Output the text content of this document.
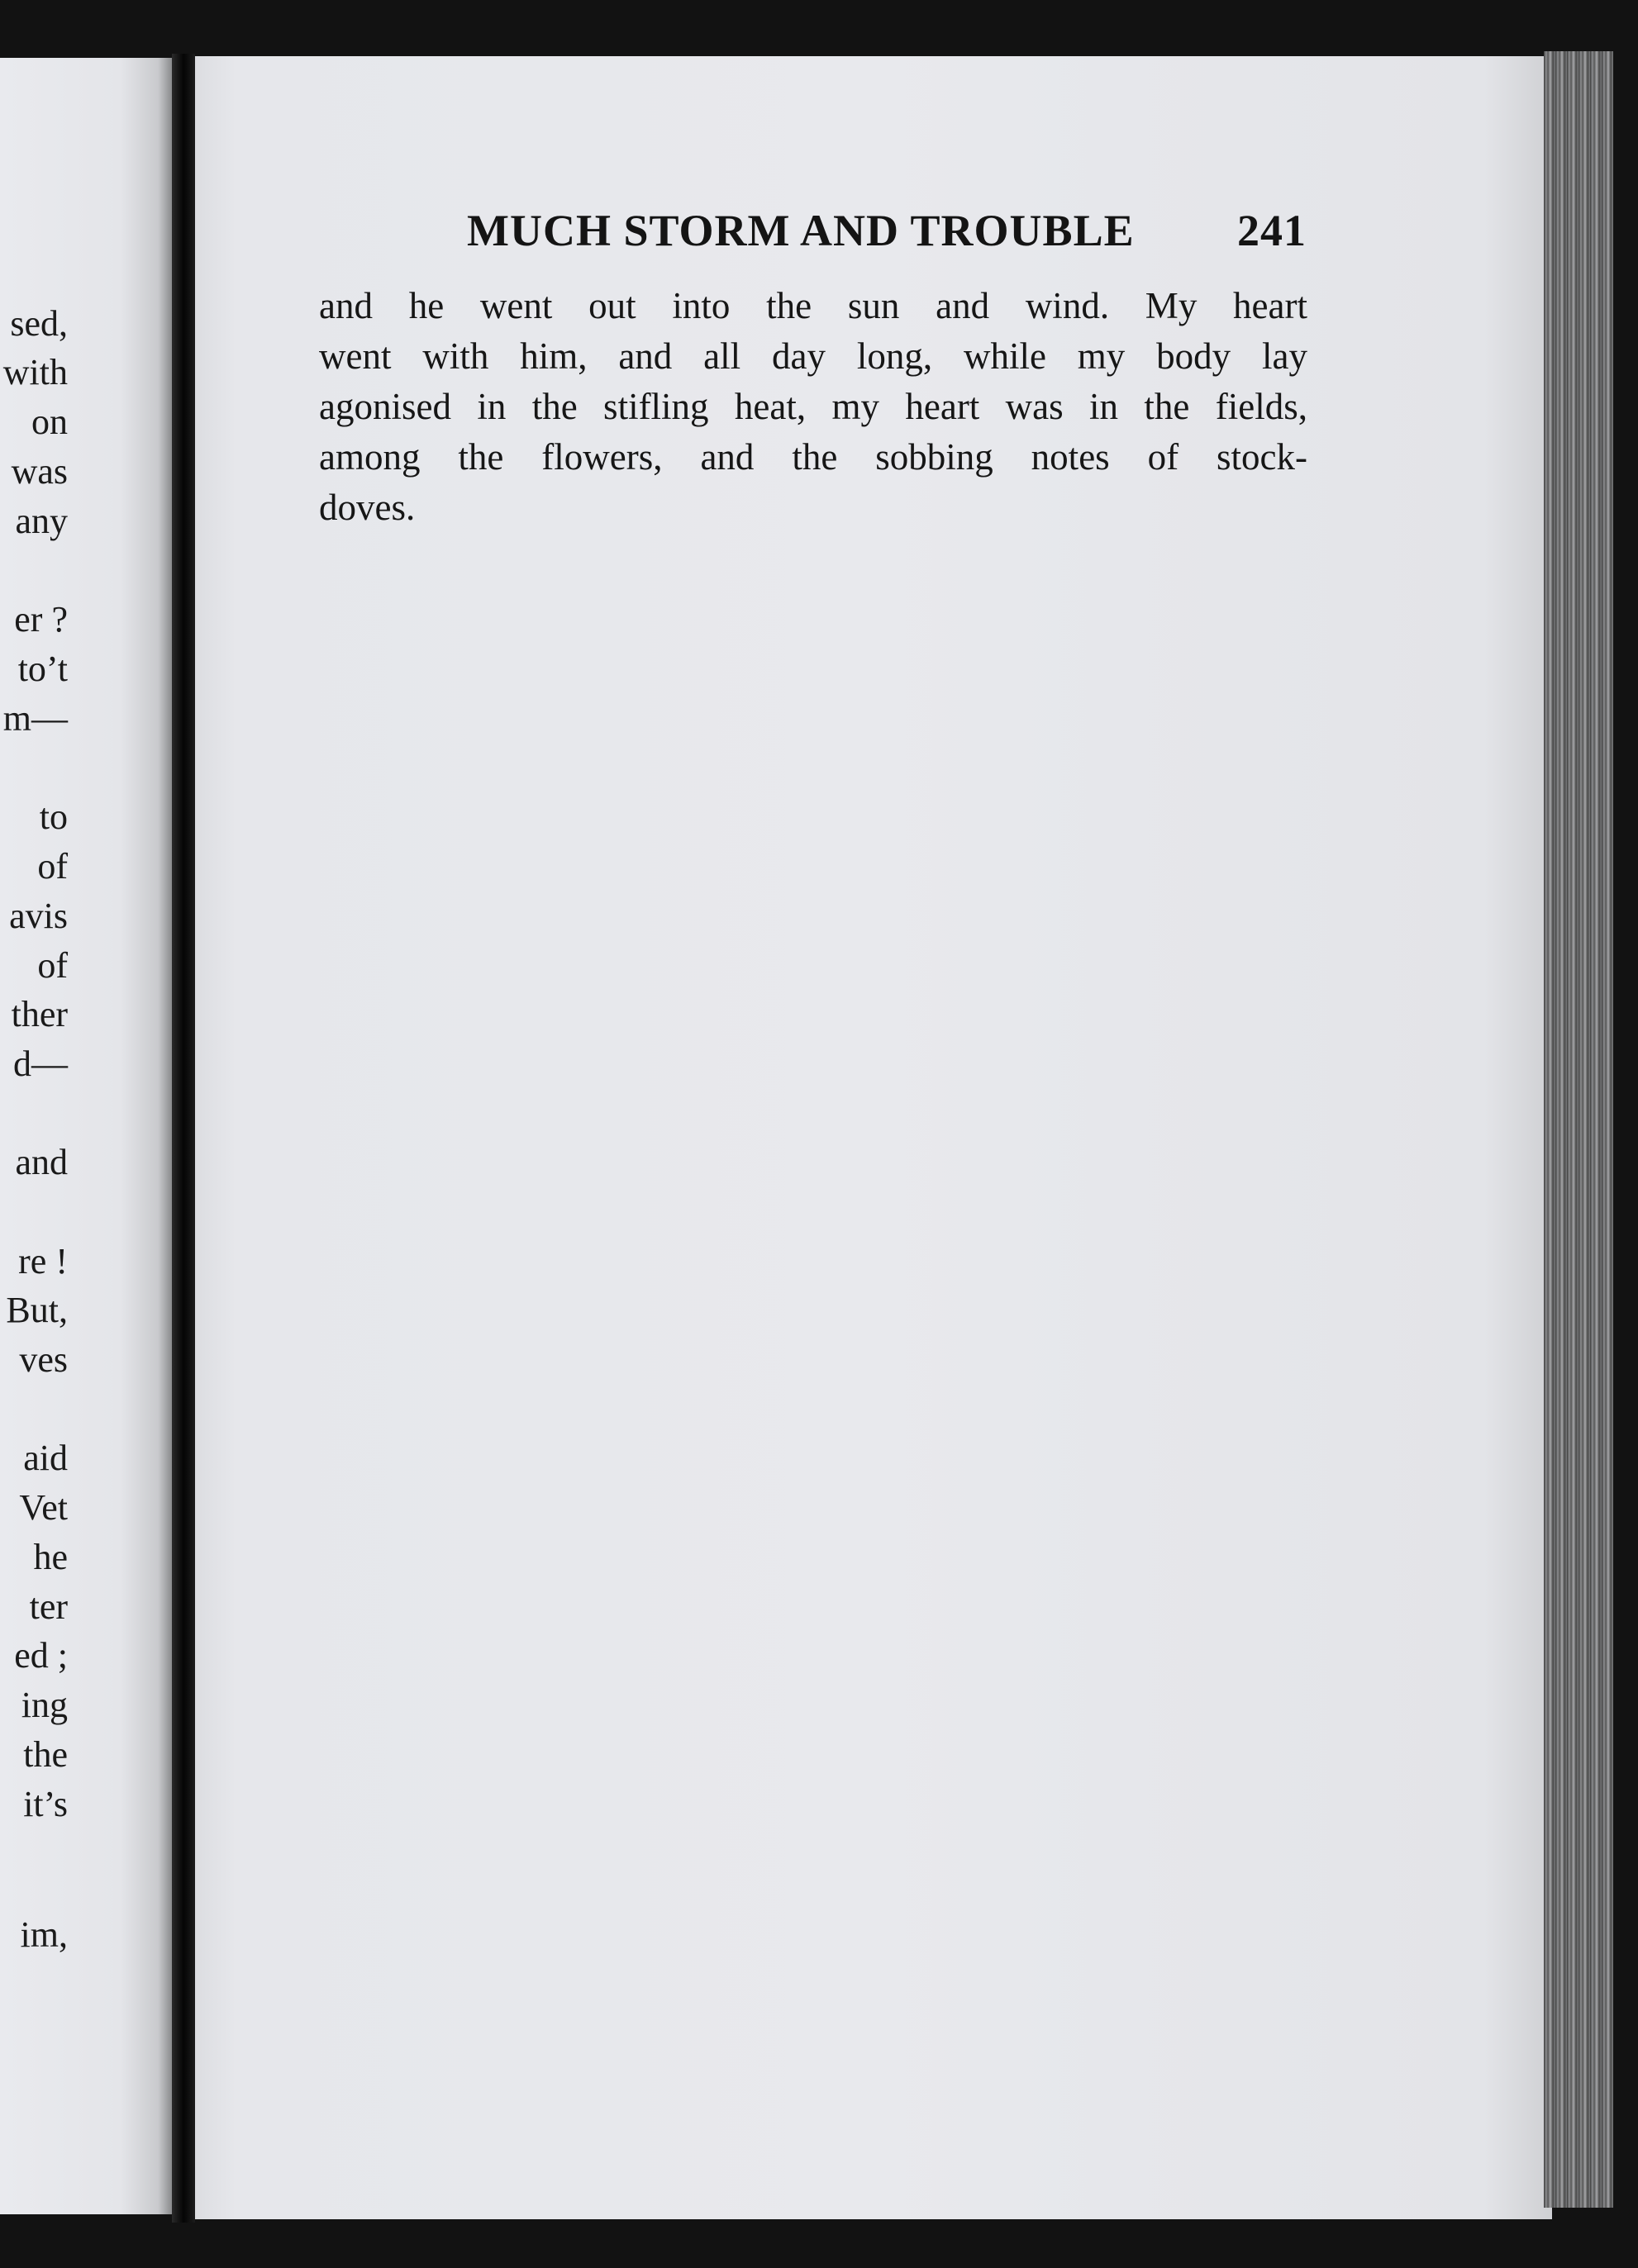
sed,
with
on
was
any
er ?
to’t
m—
to
of
avis
of
ther
d—
and
re !
But,
ves
aid
Vet
he
ter
ed ;
ing
the
it’s
im,
MUCH STORM AND TROUBLE 241
and he went out into the sun and wind. My heart
went with him, and all day long, while my body lay
agonised in the stifling heat, my heart was in the fields,
among the flowers, and the sobbing notes of stock-
doves.
